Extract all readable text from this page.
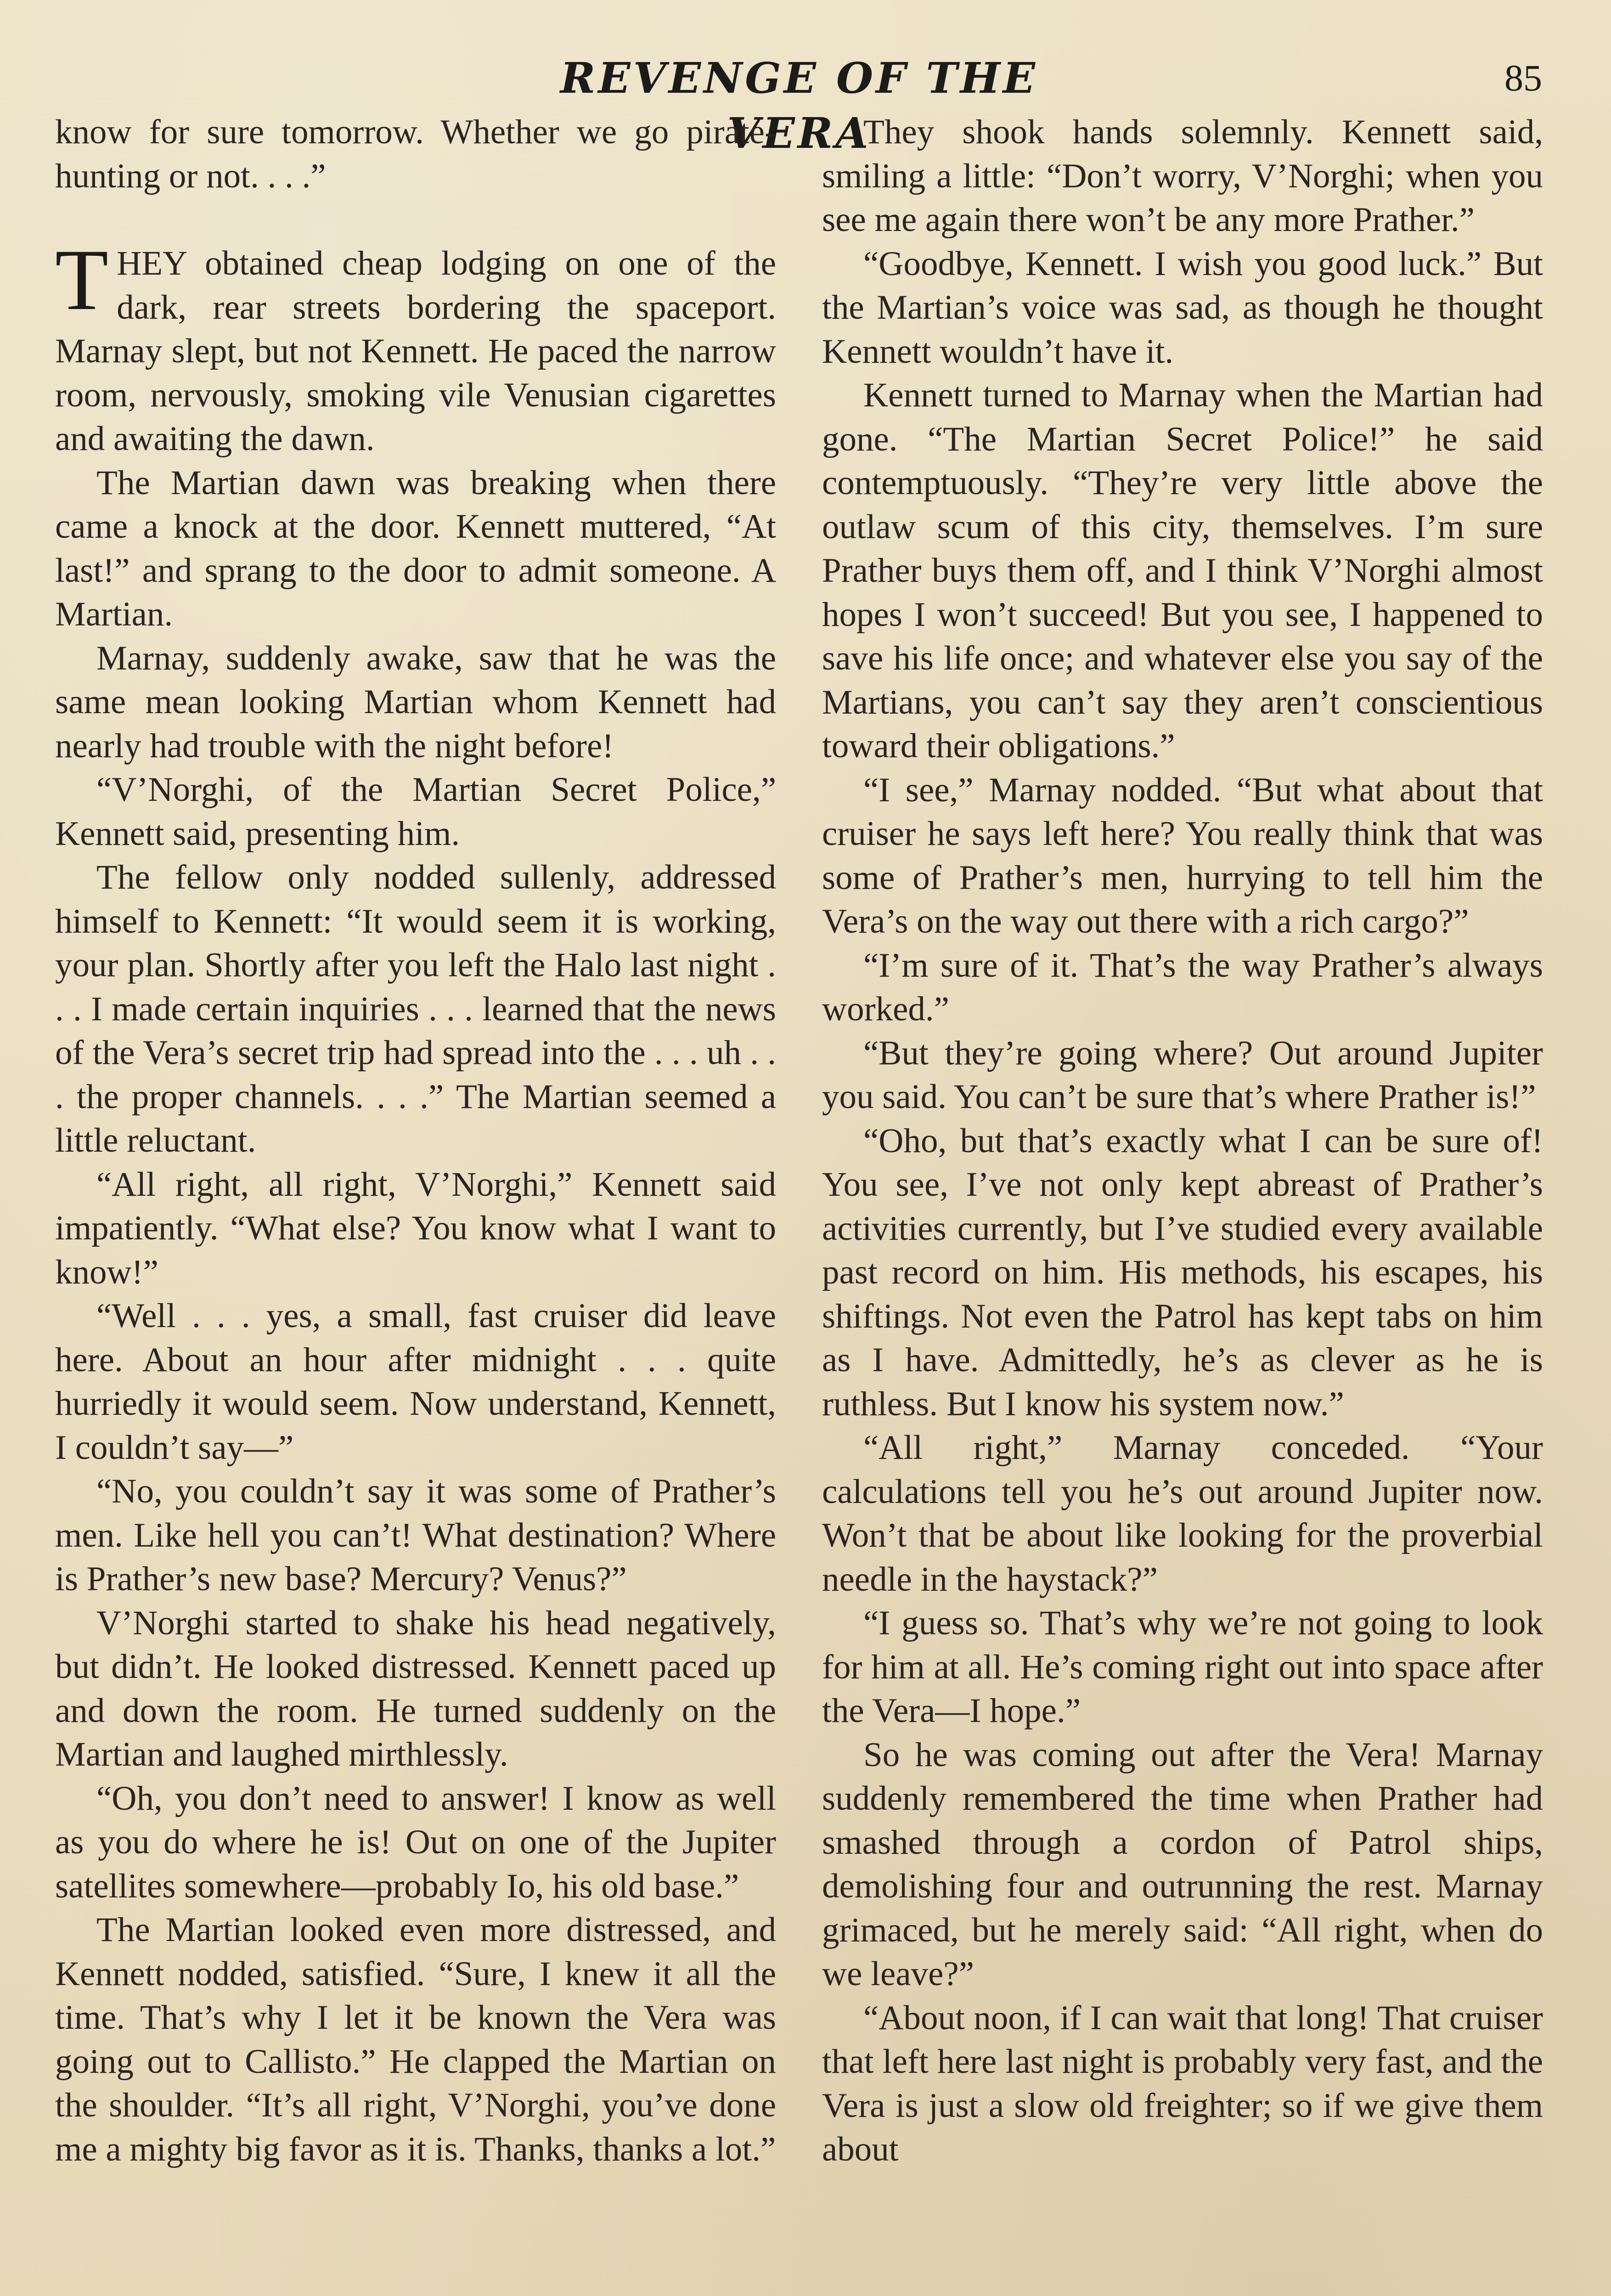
REVENGE OF THE VERA
85

know for sure tomorrow. Whether we go pirate-hunting or not. . . .”

THEY obtained cheap lodging on one of the dark, rear streets bordering the spaceport. Marnay slept, but not Kennett. He paced the narrow room, nervously, smoking vile Venusian cigarettes and awaiting the dawn.

The Martian dawn was breaking when there came a knock at the door. Kennett muttered, “At last!” and sprang to the door to admit someone. A Martian.

Marnay, suddenly awake, saw that he was the same mean looking Martian whom Kennett had nearly had trouble with the night before!

“V’Norghi, of the Martian Secret Police,” Kennett said, presenting him.

The fellow only nodded sullenly, addressed himself to Kennett: “It would seem it is working, your plan. Shortly after you left the Halo last night . . . I made certain inquiries . . . learned that the news of the Vera’s secret trip had spread into the . . . uh . . . the proper channels. . . .” The Martian seemed a little reluctant.

“All right, all right, V’Norghi,” Kennett said impatiently. “What else? You know what I want to know!”

“Well . . . yes, a small, fast cruiser did leave here. About an hour after midnight . . . quite hurriedly it would seem. Now understand, Kennett, I couldn’t say—”

“No, you couldn’t say it was some of Prather’s men. Like hell you can’t! What destination? Where is Prather’s new base? Mercury? Venus?”

V’Norghi started to shake his head negatively, but didn’t. He looked distressed. Kennett paced up and down the room. He turned suddenly on the Martian and laughed mirthlessly.

“Oh, you don’t need to answer! I know as well as you do where he is! Out on one of the Jupiter satellites somewhere—probably Io, his old base.”

The Martian looked even more distressed, and Kennett nodded, satisfied. “Sure, I knew it all the time. That’s why I let it be known the Vera was going out to Callisto.” He clapped the Martian on the shoulder. “It’s all right, V’Norghi, you’ve done me a mighty big favor as it is. Thanks, thanks a lot.”

They shook hands solemnly. Kennett said, smiling a little: “Don’t worry, V’Norghi; when you see me again there won’t be any more Prather.”

“Goodbye, Kennett. I wish you good luck.” But the Martian’s voice was sad, as though he thought Kennett wouldn’t have it.

Kennett turned to Marnay when the Martian had gone. “The Martian Secret Police!” he said contemptuously. “They’re very little above the outlaw scum of this city, themselves. I’m sure Prather buys them off, and I think V’Norghi almost hopes I won’t succeed! But you see, I happened to save his life once; and whatever else you say of the Martians, you can’t say they aren’t conscientious toward their obligations.”

“I see,” Marnay nodded. “But what about that cruiser he says left here? You really think that was some of Prather’s men, hurrying to tell him the Vera’s on the way out there with a rich cargo?”

“I’m sure of it. That’s the way Prather’s always worked.”

“But they’re going where? Out around Jupiter you said. You can’t be sure that’s where Prather is!”

“Oho, but that’s exactly what I can be sure of! You see, I’ve not only kept abreast of Prather’s activities currently, but I’ve studied every available past record on him. His methods, his escapes, his shiftings. Not even the Patrol has kept tabs on him as I have. Admittedly, he’s as clever as he is ruthless. But I know his system now.”

“All right,” Marnay conceded. “Your calculations tell you he’s out around Jupiter now. Won’t that be about like looking for the proverbial needle in the haystack?”

“I guess so. That’s why we’re not going to look for him at all. He’s coming right out into space after the Vera—I hope.”

So he was coming out after the Vera! Marnay suddenly remembered the time when Prather had smashed through a cordon of Patrol ships, demolishing four and outrunning the rest. Marnay grimaced, but he merely said: “All right, when do we leave?”

“About noon, if I can wait that long! That cruiser that left here last night is probably very fast, and the Vera is just a slow old freighter; so if we give them about
